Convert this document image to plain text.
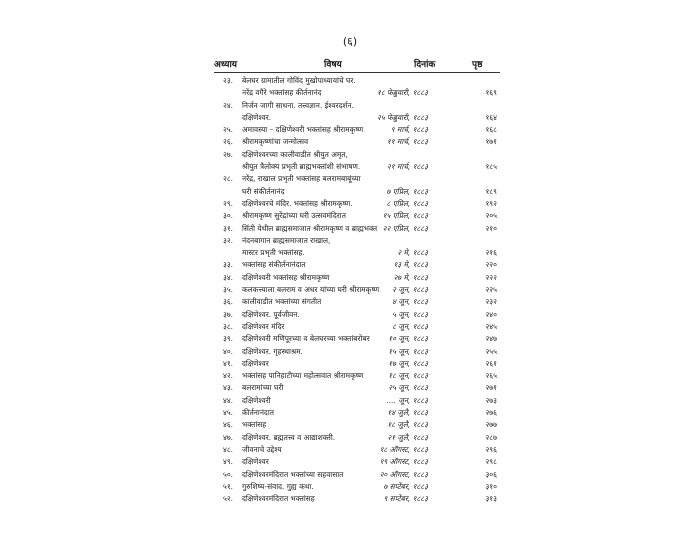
(६)
अध्याय	विषय	दिनांक	पृष्ठ
२३.	बेलघर ग्रामातील गोविंद मुखोपाध्यायांचे घर.
नरेंद्र वगैरे भक्तांसह कीर्तनानंद	१८ फेब्रुवारी, १८८३	१६९
२४.	निर्जन जागी साधना. तत्त्वज्ञान. ईश्वरदर्शन.
दक्षिणेश्वर.	२५ फेब्रुवारी, १८८३	१६४
२५.	अमावस्या – दक्षिणेश्वरी भक्तांसह श्रीरामकृष्ण	९ मार्च, १८८३	१६८
२६.	श्रीरामकृष्णांचा जन्मोत्सव	११ मार्च, १८८३	१७१
२७.	दक्षिणेश्वरच्या कालीवाडीत श्रीयुत अमृत,
श्रीयुत त्रैलोक्य प्रभृती ब्राह्मभक्तांशी संभाषण.	२१ मार्च, १८८३	१८५
२८.	नरेंद्र, राखाल प्रभृती भक्तांसह बलरामबाबूंच्या
घरी संकीर्तनानंद	७ एप्रिल, १८८३	१८९
२९.	दक्षिणेश्वरचे मंदिर. भक्तांसह श्रीरामकृष्ण.	८ एप्रिल, १८८३	१९२
३०.	श्रीरामकृष्ण सुरेंद्रांच्या घरी उत्सवमंदिरात	१५ एप्रिल, १८८३	२०५
३१.	सिंती येथील ब्राह्मसमाजात श्रीरामकृष्ण व ब्राह्मभक्त २२ एप्रिल, १८८३	२१०
३२.	नंदनबागान ब्राह्मसमाजात राखाल,
मास्टर प्रभृती भक्तांसह.	२ मे, १८८३	२१६
३३.	भक्तांसह संकीर्तनानंदात	१३ मे, १८८३	२२०
३४.	दक्षिणेश्वरी भक्तांसह श्रीरामकृष्ण	२७ मे, १८८३	२२२
३५.	कलकत्त्याला बलराम व अधर यांच्या घरी श्रीरामकृष्ण २ जून, १८८३	२२५
३६.	कालीवाडीत भक्तांच्या संगतीत	४ जून, १८८३	२३२
३७.	दक्षिणेश्वर. पूर्वजीवन.	५ जून, १८८३	२४०
३८.	दक्षिणेश्वर मंदिर	८ जून, १८८३	२४५
३९.	दक्षिणेश्वरी मणिपूरच्या व बेलघरच्या भक्तांबरोबर	१० जून, १८८३	२४७
४०.	दक्षिणेश्वर. गृहस्थाश्रम.	१५ जून, १८८३	२५५
४१.	दक्षिणेश्वर	१७ जून, १८८३	२६१
४२.	भक्तांसह पानिहाटीच्या महोत्सवात श्रीरामकृष्ण	१८ जून, १८८३	२६५
४३.	बलरामांच्या घरी	२५ जून, १८८३	२७१
४४.	दक्षिणेश्वरी	.... जून, १८८३	२७३
४५.	कीर्तनानंदात	१४ जुलै, १८८३	२७६
४६.	भक्तांसह	१८ जुलै, १८८३	२७७
४७.	दक्षिणेश्वर. ब्रह्मतत्त्व व आद्याशक्ती.	२१ जुलै, १८८३	२८७
४८.	जीवनाचे उद्देश्य	१८ ऑगस्ट, १८८३	२९६
४९.	दक्षिणेश्वर	१९ ऑगस्ट, १८८३	२९८
५०.	दक्षिणेश्वरमंदिरात भक्तांच्या सहवासात	२० ऑगस्ट, १८८३	३०६
५१.	गुरुशिष्य-संवाद. गुह्य कथा.	७ सप्टेंबर, १८८३	३१०
५२.	दक्षिणेश्वरमंदिरात भक्तांसह	९ सप्टेंबर, १८८३	३१३
